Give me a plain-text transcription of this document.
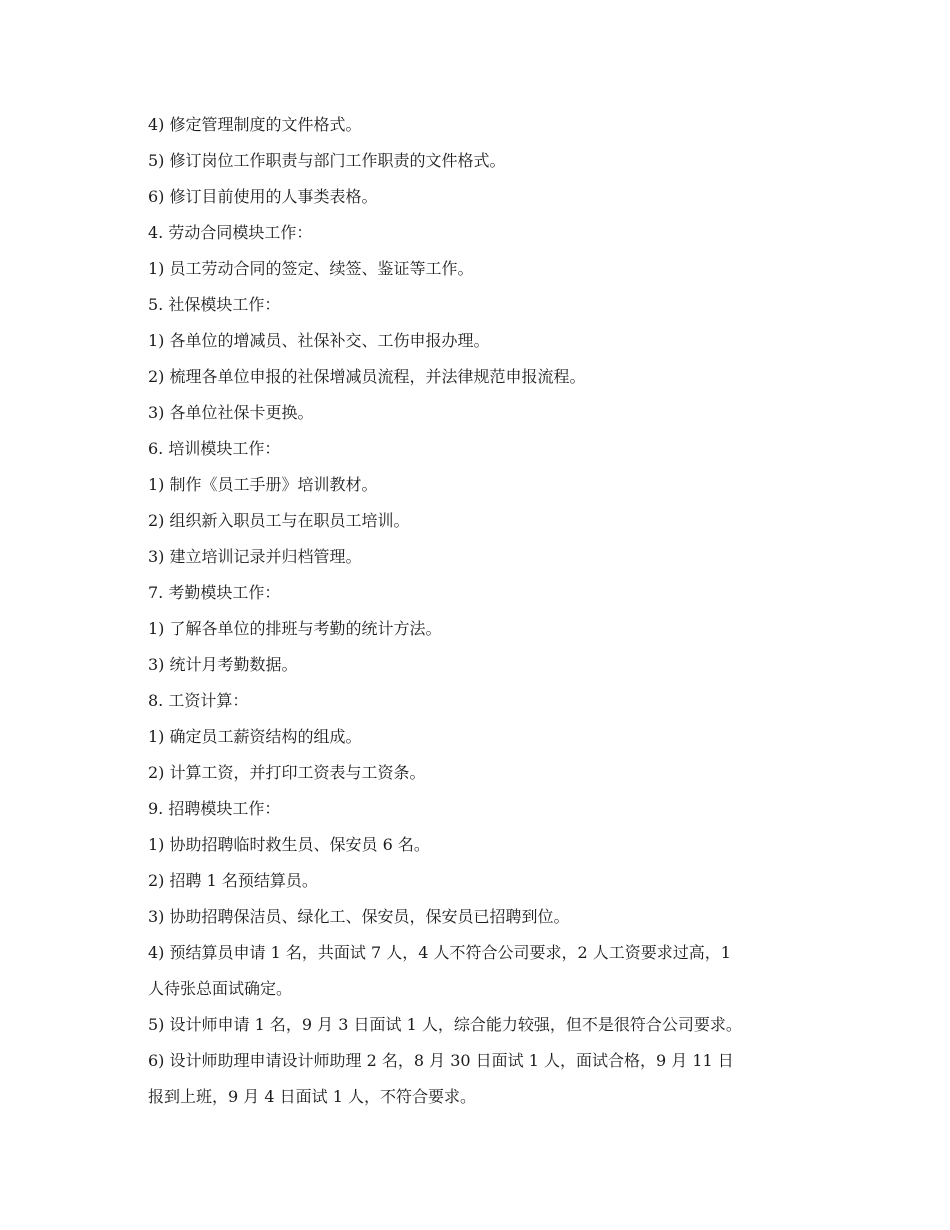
4) 修定管理制度的文件格式。

5) 修订岗位工作职责与部门工作职责的文件格式。

6) 修订目前使用的人事类表格。

4. 劳动合同模块工作：

1) 员工劳动合同的签定、续签、鉴证等工作。

5. 社保模块工作：

1) 各单位的增减员、社保补交、工伤申报办理。

2) 梳理各单位申报的社保增减员流程，并法律规范申报流程。

3) 各单位社保卡更换。

6. 培训模块工作：

1) 制作《员工手册》培训教材。

2) 组织新入职员工与在职员工培训。

3) 建立培训记录并归档管理。

7. 考勤模块工作：

1) 了解各单位的排班与考勤的统计方法。

3) 统计月考勤数据。

8. 工资计算：

1) 确定员工薪资结构的组成。

2) 计算工资，并打印工资表与工资条。

9. 招聘模块工作：

1) 协助招聘临时救生员、保安员 6 名。

2) 招聘 1 名预结算员。

3) 协助招聘保洁员、绿化工、保安员，保安员已招聘到位。

4) 预结算员申请 1 名，共面试 7 人，4 人不符合公司要求，2 人工资要求过高，1

人待张总面试确定。

5) 设计师申请 1 名，9 月 3 日面试 1 人，综合能力较强，但不是很符合公司要求。

6) 设计师助理申请设计师助理 2 名，8 月 30 日面试 1 人，面试合格，9 月 11 日

报到上班，9 月 4 日面试 1 人，不符合要求。
